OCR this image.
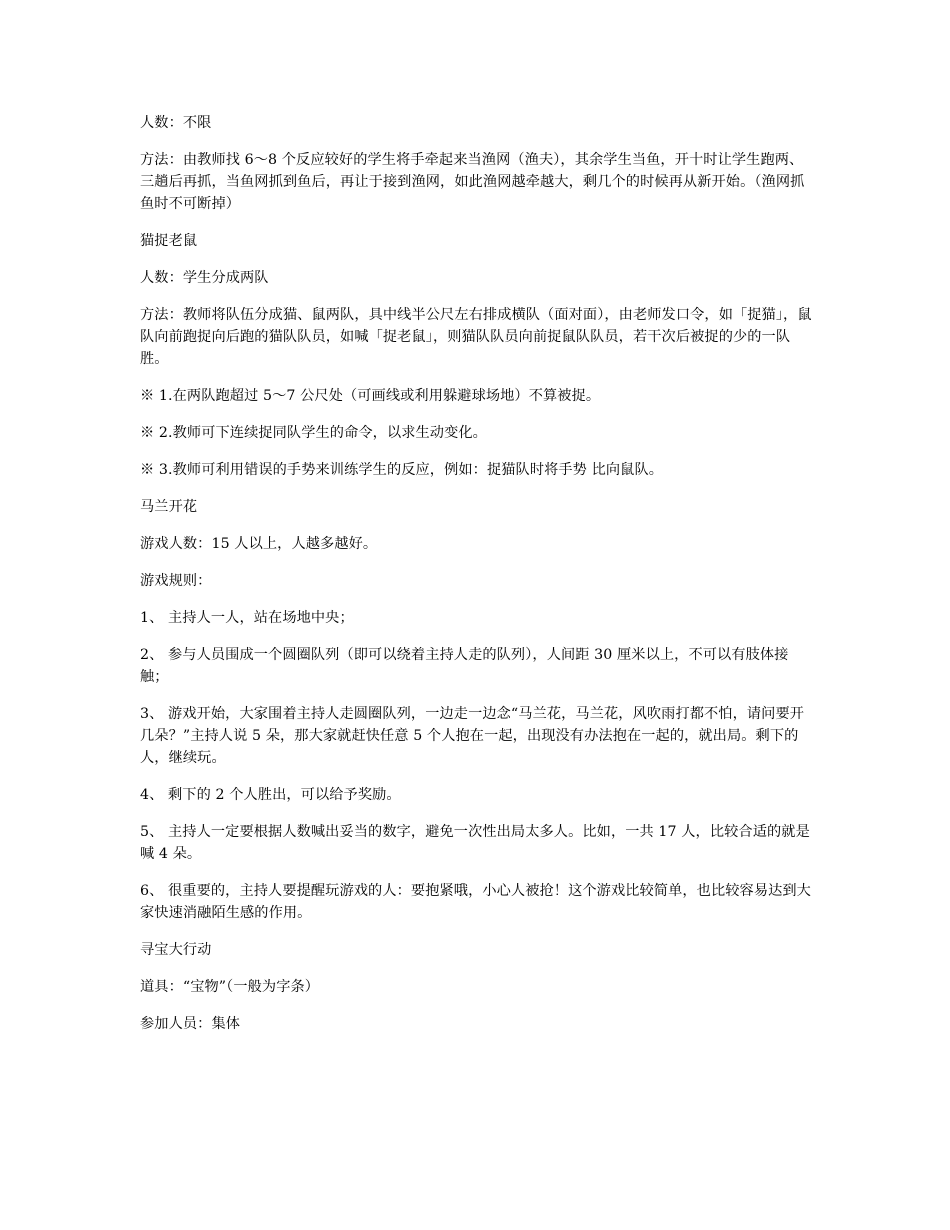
人数：不限

方法：由教师找 6～8 个反应较好的学生将手牵起来当渔网（渔夫），其余学生当鱼，开十时让学生跑两、三趟后再抓，当鱼网抓到鱼后，再让于接到渔网，如此渔网越牵越大，剩几个的时候再从新开始。（渔网抓鱼时不可断掉）

猫捉老鼠

人数：学生分成两队

方法：教师将队伍分成猫、鼠两队，具中线半公尺左右排成横队（面对面），由老师发口令，如「捉猫」，鼠队向前跑捉向后跑的猫队队员，如喊「捉老鼠」，则猫队队员向前捉鼠队队员，若干次后被捉的少的一队胜。

※ 1.在两队跑超过 5～7 公尺处（可画线或利用躲避球场地）不算被捉。

※ 2.教师可下连续捉同队学生的命令，以求生动变化。

※ 3.教师可利用错误的手势来训练学生的反应，例如：捉猫队时将手势 比向鼠队。

马兰开花

游戏人数：15 人以上，人越多越好。

游戏规则：

1、 主持人一人，站在场地中央；

2、 参与人员围成一个圆圈队列（即可以绕着主持人走的队列），人间距 30 厘米以上，不可以有肢体接触；

3、 游戏开始，大家围着主持人走圆圈队列，一边走一边念“马兰花，马兰花，风吹雨打都不怕，请问要开几朵？”主持人说 5 朵，那大家就赶快任意 5 个人抱在一起，出现没有办法抱在一起的，就出局。剩下的人，继续玩。

4、 剩下的 2 个人胜出，可以给予奖励。

5、 主持人一定要根据人数喊出妥当的数字，避免一次性出局太多人。比如，一共 17 人，比较合适的就是喊 4 朵。

6、 很重要的，主持人要提醒玩游戏的人：要抱紧哦，小心人被抢！这个游戏比较简单，也比较容易达到大家快速消融陌生感的作用。

寻宝大行动

道具：“宝物”（一般为字条）

参加人员：集体
